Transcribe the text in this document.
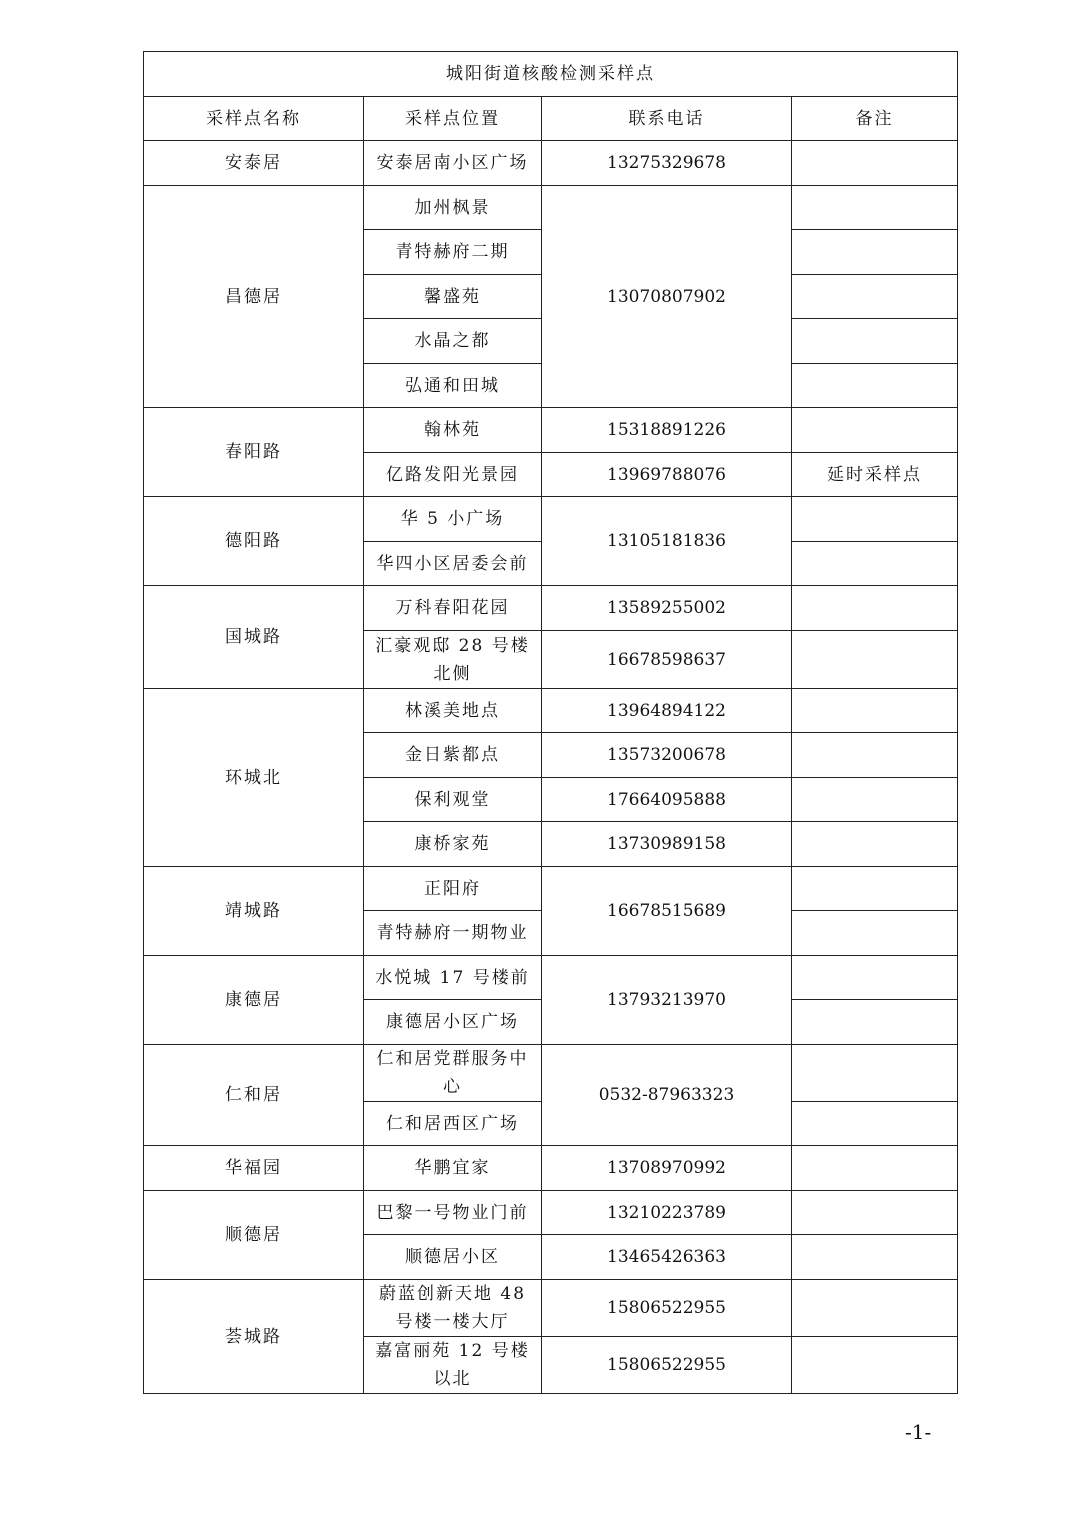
城阳街道核酸检测采样点			
采样点名称	采样点位置	联系电话	备注
安泰居	安泰居南小区广场	13275329678	
昌德居	加州枫景	13070807902	
	青特赫府二期		
	馨盛苑		
	水晶之都		
	弘通和田城		
春阳路	翰林苑	15318891226	
	亿路发阳光景园	13969788076	延时采样点
德阳路	华 5 小广场	13105181836	
	华四小区居委会前		
国城路	万科春阳花园	13589255002	
	汇豪观邸 28 号楼北侧	16678598637	
环城北	林溪美地点	13964894122	
	金日紫都点	13573200678	
	保利观堂	17664095888	
	康桥家苑	13730989158	
靖城路	正阳府	16678515689	
	青特赫府一期物业		
康德居	水悦城 17 号楼前	13793213970	
	康德居小区广场		
仁和居	仁和居党群服务中心	0532-87963323	
	仁和居西区广场		
华福园	华鹏宜家	13708970992	
顺德居	巴黎一号物业门前	13210223789	
	顺德居小区	13465426363	
荟城路	蔚蓝创新天地 48 号楼一楼大厅	15806522955	
	嘉富丽苑 12 号楼以北	15806522955	
-1-
